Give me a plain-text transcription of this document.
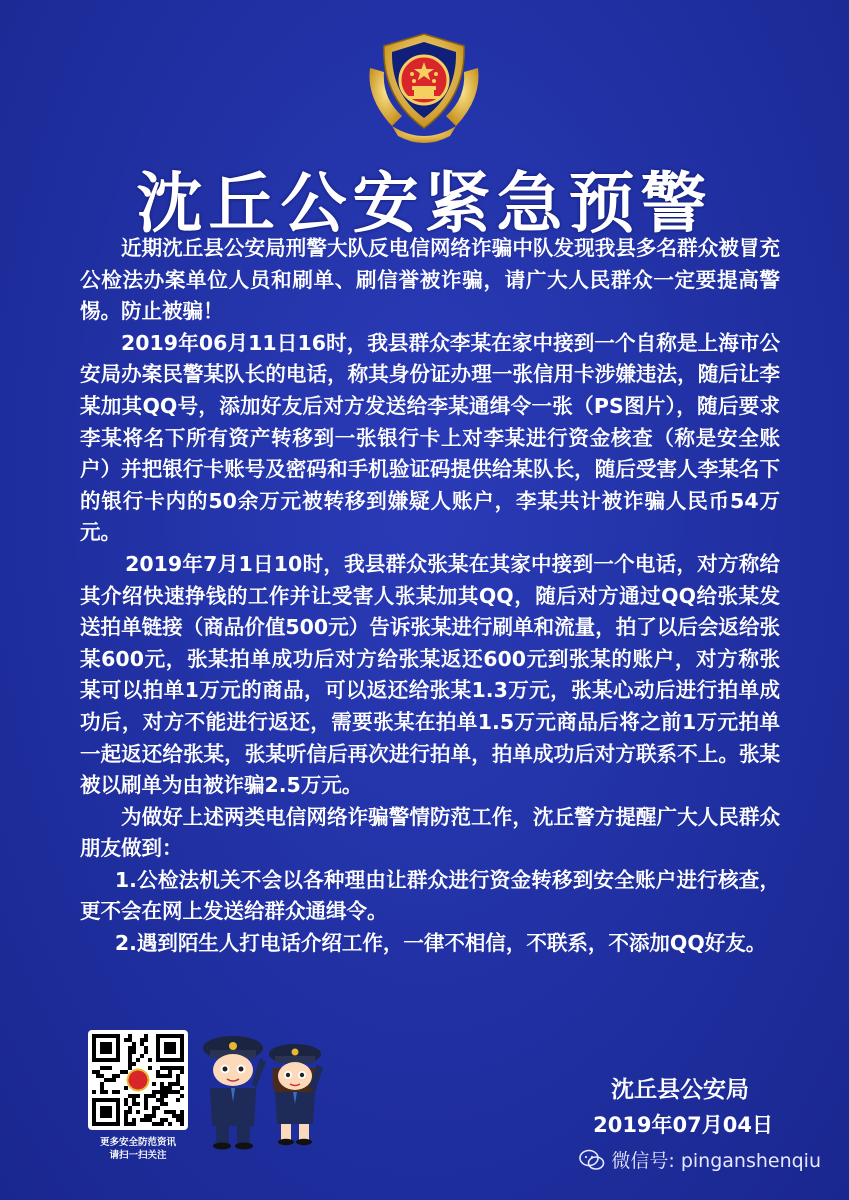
沈丘公安紧急预警

近期沈丘县公安局刑警大队反电信网络诈骗中队发现我县多名群众被冒充公检法办案单位人员和刷单、刷信誉被诈骗，请广大人民群众一定要提高警惕。防止被骗！

2019年06月11日16时，我县群众李某在家中接到一个自称是上海市公安局办案民警某队长的电话，称其身份证办理一张信用卡涉嫌违法，随后让李某加其QQ号，添加好友后对方发送给李某通缉令一张（PS图片），随后要求李某将名下所有资产转移到一张银行卡上对李某进行资金核查（称是安全账户）并把银行卡账号及密码和手机验证码提供给某队长，随后受害人李某名下的银行卡内的50余万元被转移到嫌疑人账户，李某共计被诈骗人民币54万元。

2019年7月1日10时，我县群众张某在其家中接到一个电话，对方称给其介绍快速挣钱的工作并让受害人张某加其QQ，随后对方通过QQ给张某发送拍单链接（商品价值500元）告诉张某进行刷单和流量，拍了以后会返给张某600元，张某拍单成功后对方给张某返还600元到张某的账户，对方称张某可以拍单1万元的商品，可以返还给张某1.3万元，张某心动后进行拍单成功后，对方不能进行返还，需要张某在拍单1.5万元商品后将之前1万元拍单一起返还给张某，张某听信后再次进行拍单，拍单成功后对方联系不上。张某被以刷单为由被诈骗2.5万元。

为做好上述两类电信网络诈骗警情防范工作，沈丘警方提醒广大人民群众朋友做到：

1.公检法机关不会以各种理由让群众进行资金转移到安全账户进行核查，更不会在网上发送给群众通缉令。

2.遇到陌生人打电话介绍工作，一律不相信，不联系，不添加QQ好友。

更多安全防范资讯
请扫一扫关注
沈丘县公安局
2019年07月04日
微信号: pinganshenqiu
